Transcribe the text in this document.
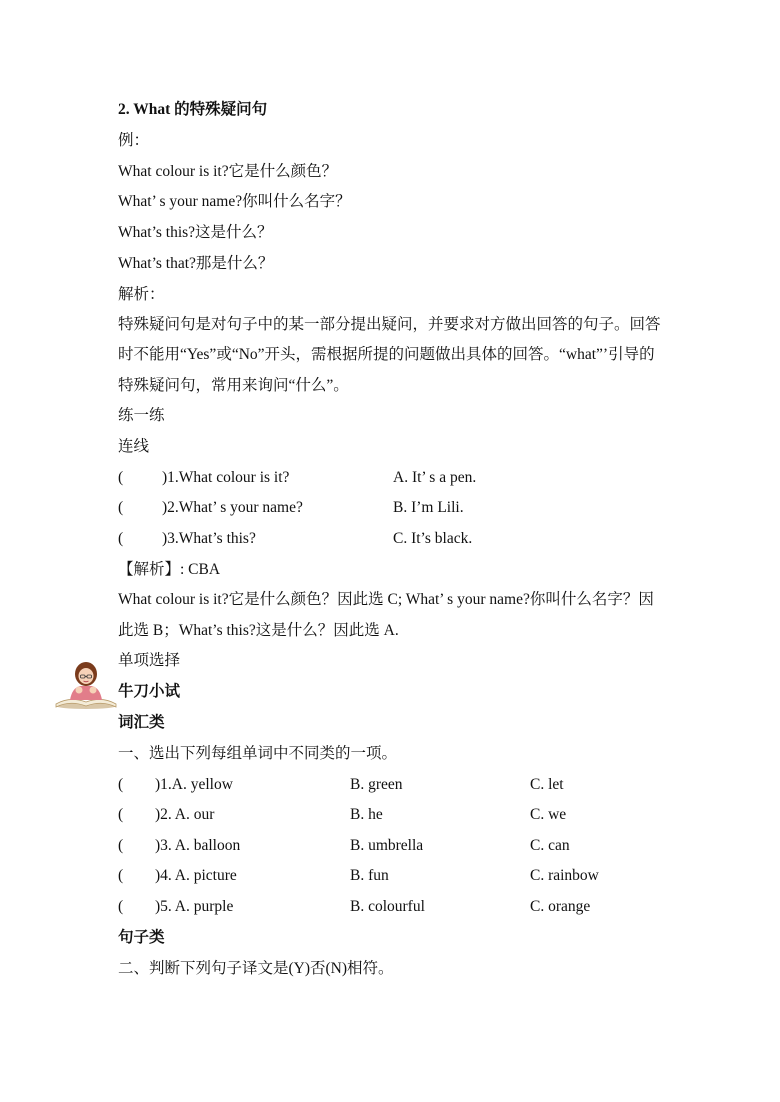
2. What 的特殊疑问句
例：
What colour is it?它是什么颜色？
What’ s your name?你叫什么名字？
What’s this?这是什么？
What’s that?那是什么？
解析：
特殊疑问句是对句子中的某一部分提出疑问，并要求对方做出回答的句子。回答
时不能用“Yes”或“No”开头，需根据所提的问题做出具体的回答。“what”’引导的
特殊疑问句，常用来询问“什么”。
练一练
连线
(	)1.What colour is it?	A. It’ s a pen.
(	)2.What’ s your name?	B. I’m Lili.
(	)3.What’s this?	C. It’s black.
【解析】: CBA
What colour is it?它是什么颜色？因此选 C; What’ s your name?你叫什么名字？因
此选 B；What’s this?这是什么？因此选 A.
单项选择
牛刀小试
词汇类
一、选出下列每组单词中不同类的一项。
( )1.A. yellow	B. green	C. let
( )2. A. our	B. he	C. we
( )3. A. balloon	B. umbrella	C. can
( )4. A. picture	B. fun	C. rainbow
( )5. A. purple	B. colourful	C. orange
句子类
二、判断下列句子译文是(Y)否(N)相符。
